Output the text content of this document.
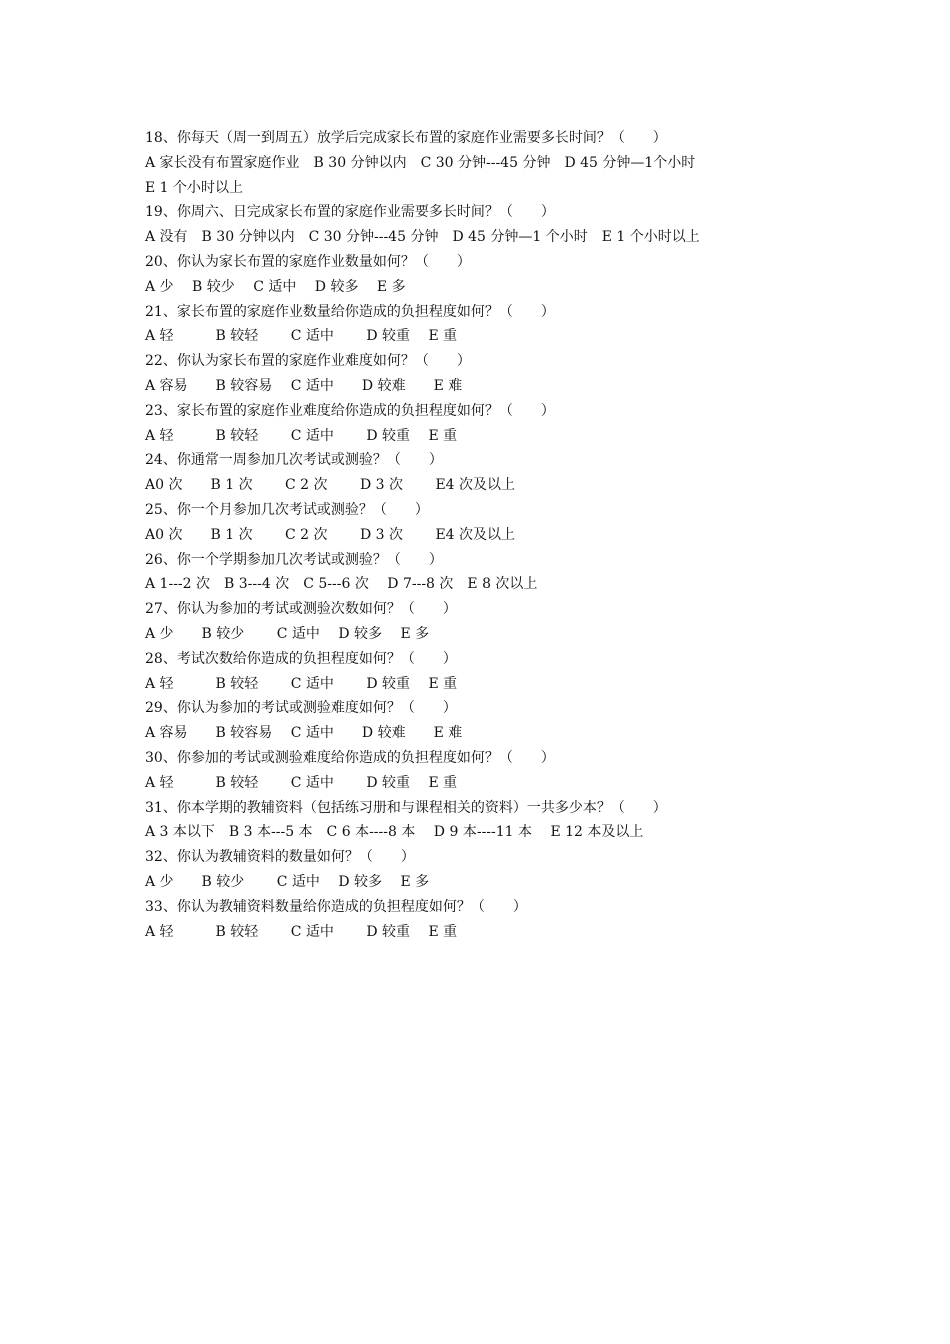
18、你每天（周一到周五）放学后完成家长布置的家庭作业需要多长时间？（　　）
A 家长没有布置家庭作业　B 30 分钟以内　C 30 分钟---45 分钟　D 45 分钟—1个小时
E 1 个小时以上
19、你周六、日完成家长布置的家庭作业需要多长时间？（　　）
A 没有　B 30 分钟以内　C 30 分钟---45 分钟　D 45 分钟—1 个小时　E 1 个小时以上
20、你认为家长布置的家庭作业数量如何？（　　）
A 少　 B 较少　 C 适中　 D 较多　 E 多
21、家长布置的家庭作业数量给你造成的负担程度如何？（　　）
A 轻　　　B 较轻　　 C 适中　　 D 较重　 E 重
22、你认为家长布置的家庭作业难度如何？（　　）
A 容易　　B 较容易　 C 适中　　D 较难　　E 难
23、家长布置的家庭作业难度给你造成的负担程度如何？（　　）
A 轻　　　B 较轻　　 C 适中　　 D 较重　 E 重
24、你通常一周参加几次考试或测验？（　　）
A0 次　　B 1 次　　 C 2 次　　 D 3 次　　 E4 次及以上
25、你一个月参加几次考试或测验？（　　）
A0 次　　B 1 次　　 C 2 次　　 D 3 次　　 E4 次及以上
26、你一个学期参加几次考试或测验？（　　）
A 1---2 次　B 3---4 次　C 5---6 次　 D 7---8 次　E 8 次以上
27、你认为参加的考试或测验次数如何？（　　）
A 少　　B 较少　　 C 适中　 D 较多　 E 多
28、考试次数给你造成的负担程度如何？（　　）
A 轻　　　B 较轻　　 C 适中　　 D 较重　 E 重
29、你认为参加的考试或测验难度如何？（　　）
A 容易　　B 较容易　 C 适中　　D 较难　　E 难
30、你参加的考试或测验难度给你造成的负担程度如何？（　　）
A 轻　　　B 较轻　　 C 适中　　 D 较重　 E 重
31、你本学期的教辅资料（包括练习册和与课程相关的资料）一共多少本？（　　）
A 3 本以下　B 3 本---5 本　C 6 本----8 本　 D 9 本----11 本　 E 12 本及以上
32、你认为教辅资料的数量如何？（　　）
A 少　　B 较少　　 C 适中　 D 较多　 E 多
33、你认为教辅资料数量给你造成的负担程度如何？（　　）
A 轻　　　B 较轻　　 C 适中　　 D 较重　 E 重
